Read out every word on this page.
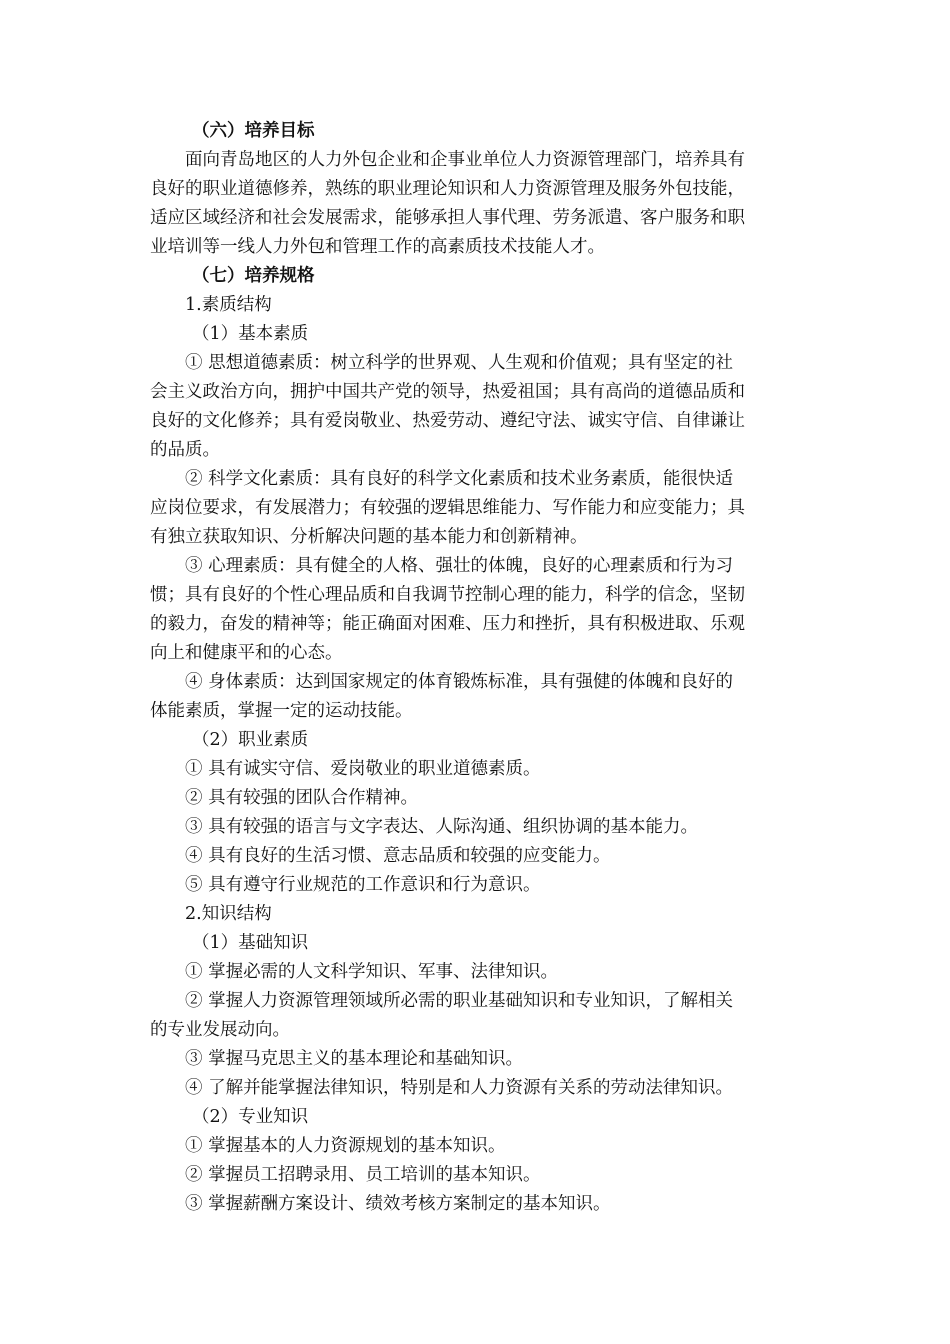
（六）培养目标
面向青岛地区的人力外包企业和企事业单位人力资源管理部门，培养具有
良好的职业道德修养，熟练的职业理论知识和人力资源管理及服务外包技能，
适应区域经济和社会发展需求，能够承担人事代理、劳务派遣、客户服务和职
业培训等一线人力外包和管理工作的高素质技术技能人才。
（七）培养规格
1.素质结构
（1）基本素质
① 思想道德素质：树立科学的世界观、人生观和价值观；具有坚定的社
会主义政治方向，拥护中国共产党的领导，热爱祖国；具有高尚的道德品质和
良好的文化修养；具有爱岗敬业、热爱劳动、遵纪守法、诚实守信、自律谦让
的品质。
② 科学文化素质：具有良好的科学文化素质和技术业务素质，能很快适
应岗位要求，有发展潜力；有较强的逻辑思维能力、写作能力和应变能力；具
有独立获取知识、分析解决问题的基本能力和创新精神。
③ 心理素质：具有健全的人格、强壮的体魄，良好的心理素质和行为习
惯；具有良好的个性心理品质和自我调节控制心理的能力，科学的信念，坚韧
的毅力，奋发的精神等；能正确面对困难、压力和挫折，具有积极进取、乐观
向上和健康平和的心态。
④ 身体素质：达到国家规定的体育锻炼标准，具有强健的体魄和良好的
体能素质，掌握一定的运动技能。
（2）职业素质
① 具有诚实守信、爱岗敬业的职业道德素质。
② 具有较强的团队合作精神。
③ 具有较强的语言与文字表达、人际沟通、组织协调的基本能力。
④ 具有良好的生活习惯、意志品质和较强的应变能力。
⑤ 具有遵守行业规范的工作意识和行为意识。
2.知识结构
（1）基础知识
① 掌握必需的人文科学知识、军事、法律知识。
② 掌握人力资源管理领域所必需的职业基础知识和专业知识，了解相关
的专业发展动向。
③ 掌握马克思主义的基本理论和基础知识。
④ 了解并能掌握法律知识，特别是和人力资源有关系的劳动法律知识。
（2）专业知识
① 掌握基本的人力资源规划的基本知识。
② 掌握员工招聘录用、员工培训的基本知识。
③ 掌握薪酬方案设计、绩效考核方案制定的基本知识。
